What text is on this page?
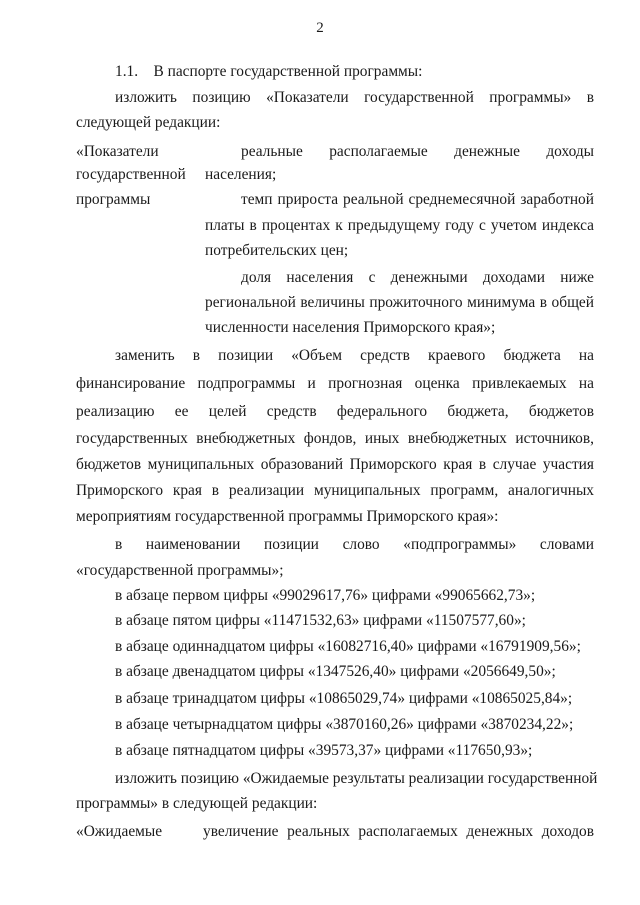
2
1.1.    В паспорте государственной программы:
изложить позицию «Показатели государственной программы» в
следующей редакции:
«Показатели
государственной
программы
реальные располагаемые денежные доходы
населения;
темп прироста реальной среднемесячной заработной
платы в процентах к предыдущему году с учетом индекса
потребительских цен;
доля населения с денежными доходами ниже
региональной величины прожиточного минимума в общей
численности населения Приморского края»;
заменить в позиции «Объем средств краевого бюджета на
финансирование подпрограммы и прогнозная оценка привлекаемых на
реализацию ее целей средств федерального бюджета, бюджетов
государственных внебюджетных фондов, иных внебюджетных источников,
бюджетов муниципальных образований Приморского края в случае участия
Приморского края в реализации муниципальных программ, аналогичных
мероприятиям государственной программы Приморского края»:
в наименовании позиции слово «подпрограммы» словами
«государственной программы»;
в абзаце первом цифры «99029617,76» цифрами «99065662,73»;
в абзаце пятом цифры «11471532,63» цифрами «11507577,60»;
в абзаце одиннадцатом цифры «16082716,40» цифрами «16791909,56»;
в абзаце двенадцатом цифры «1347526,40» цифрами «2056649,50»;
в абзаце тринадцатом цифры «10865029,74» цифрами «10865025,84»;
в абзаце четырнадцатом цифры «3870160,26» цифрами «3870234,22»;
в абзаце пятнадцатом цифры «39573,37» цифрами «117650,93»;
изложить позицию «Ожидаемые результаты реализации государственной
программы» в следующей редакции:
«Ожидаемые	увеличение реальных располагаемых денежных доходов
